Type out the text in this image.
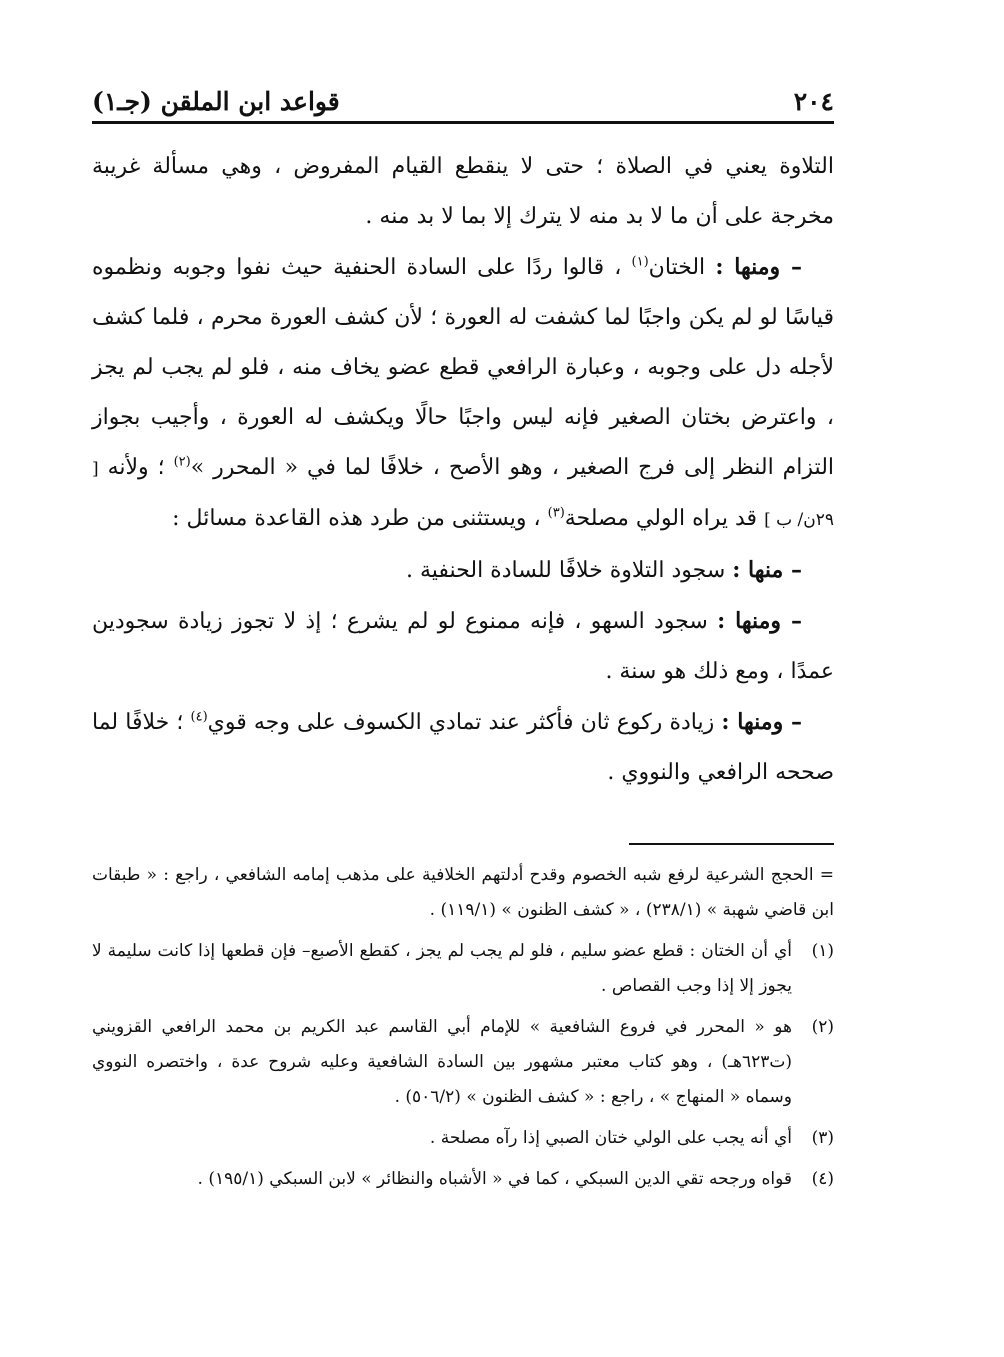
٢٠٤
قواعد ابن الملقن (جـ١)

التلاوة يعني في الصلاة ؛ حتى لا ينقطع القيام المفروض ، وهي مسألة غريبة مخرجة على أن ما لا بد منه لا يترك إلا بما لا بد منه .

– ومنها : الختان$^{(١)}$ ، قالوا ردًا على السادة الحنفية حيث نفوا وجوبه ونظموه قياسًا لو لم يكن واجبًا لما كشفت له العورة ؛ لأن كشف العورة محرم ، فلما كشف لأجله دل على وجوبه ، وعبارة الرافعي قطع عضو يخاف منه ، فلو لم يجب لم يجز ، واعترض بختان الصغير فإنه ليس واجبًا حالًا ويكشف له العورة ، وأجيب بجواز التزام النظر إلى فرج الصغير ، وهو الأصح ، خلافًا لما في « المحرر »$^{(٢)}$ ؛ ولأنه [ ٢٩ن/ ب ] قد يراه الولي مصلحة$^{(٣)}$ ، ويستثنى من طرد هذه القاعدة مسائل :

– منها : سجود التلاوة خلافًا للسادة الحنفية .

– ومنها : سجود السهو ، فإنه ممنوع لو لم يشرع ؛ إذ لا تجوز زيادة سجودين عمدًا ، ومع ذلك هو سنة .

– ومنها : زيادة ركوع ثان فأكثر عند تمادي الكسوف على وجه قوي$^{(٤)}$ ؛ خلافًا لما صححه الرافعي والنووي .

= الحجج الشرعية لرفع شبه الخصوم وقدح أدلتهم الخلافية على مذهب إمامه الشافعي ، راجع : « طبقات ابن قاضي شهبة » (٢٣٨/١) ، « كشف الظنون » (١١٩/١) .

(١)
أي أن الختان : قطع عضو سليم ، فلو لم يجب لم يجز ، كقطع الأصبع– فإن قطعها إذا كانت سليمة لا يجوز إلا إذا وجب القصاص .
(٢)
هو « المحرر في فروع الشافعية » للإمام أبي القاسم عبد الكريم بن محمد الرافعي القزويني (ت٦٢٣هـ) ، وهو كتاب معتبر مشهور بين السادة الشافعية وعليه شروح عدة ، واختصره النووي وسماه « المنهاج » ، راجع : « كشف الظنون » (٥٠٦/٢) .
(٣)
أي أنه يجب على الولي ختان الصبي إذا رآه مصلحة .
(٤)
قواه ورجحه تقي الدين السبكي ، كما في « الأشباه والنظائر » لابن السبكي (١٩٥/١) .
